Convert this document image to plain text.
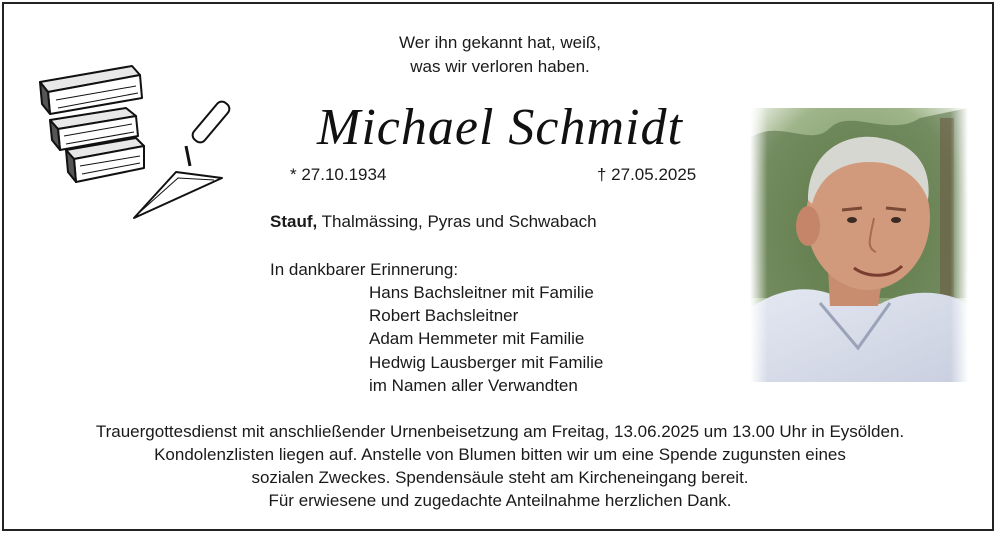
Wer ihn gekannt hat, weiß,
was wir verloren haben.
Michael Schmidt
* 27.10.1934	† 27.05.2025
Stauf, Thalmässing, Pyras und Schwabach
In dankbarer Erinnerung:
Hans Bachsleitner mit Familie
Robert Bachsleitner
Adam Hemmeter mit Familie
Hedwig Lausberger mit Familie
im Namen aller Verwandten
Trauergottesdienst mit anschließender Urnenbeisetzung am Freitag, 13.06.2025 um 13.00 Uhr in Eysölden.
Kondolenzlisten liegen auf. Anstelle von Blumen bitten wir um eine Spende zugunsten eines
sozialen Zweckes. Spendensäule steht am Kircheneingang bereit.
Für erwiesene und zugedachte Anteilnahme herzlichen Dank.
